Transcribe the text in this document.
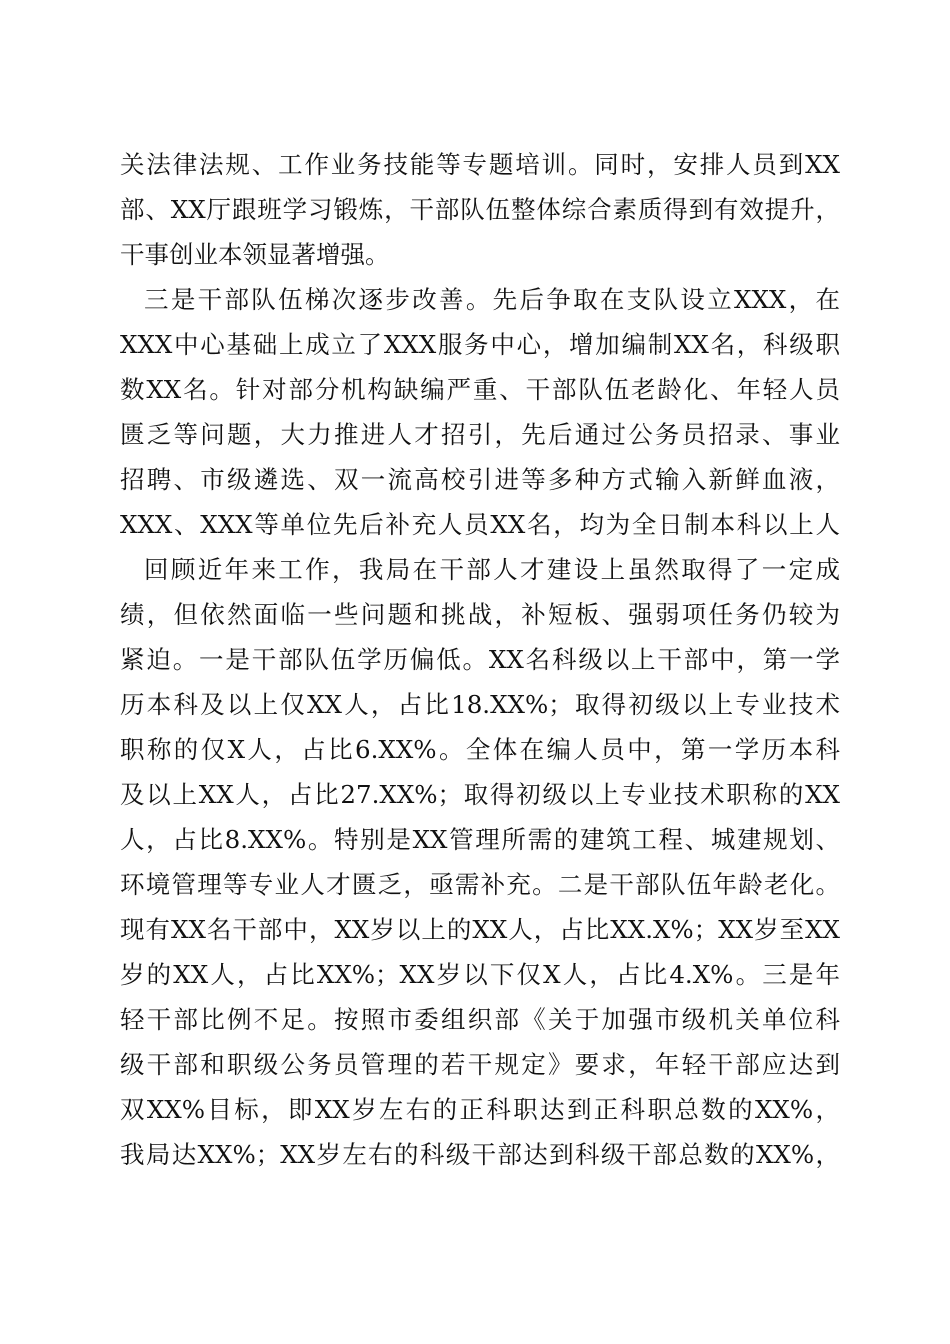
关法律法规、工作业务技能等专题培训。同时，安排人员到XX
部、XX厅跟班学习锻炼，干部队伍整体综合素质得到有效提升，
干事创业本领显著增强。
三是干部队伍梯次逐步改善。先后争取在支队设立XXX，在
XXX中心基础上成立了XXX服务中心，增加编制XX名，科级职
数XX名。针对部分机构缺编严重、干部队伍老龄化、年轻人员
匮乏等问题，大力推进人才招引，先后通过公务员招录、事业
招聘、市级遴选、双一流高校引进等多种方式输入新鲜血液，
XXX、XXX等单位先后补充人员XX名，均为全日制本科以上人
回顾近年来工作，我局在干部人才建设上虽然取得了一定成
绩，但依然面临一些问题和挑战，补短板、强弱项任务仍较为
紧迫。一是干部队伍学历偏低。XX名科级以上干部中，第一学
历本科及以上仅XX人，占比18.XX%；取得初级以上专业技术
职称的仅X人，占比6.XX%。全体在编人员中，第一学历本科
及以上XX人，占比27.XX%；取得初级以上专业技术职称的XX
人，占比8.XX%。特别是XX管理所需的建筑工程、城建规划、
环境管理等专业人才匮乏，亟需补充。二是干部队伍年龄老化。
现有XX名干部中，XX岁以上的XX人，占比XX.X%；XX岁至XX
岁的XX人，占比XX%；XX岁以下仅X人，占比4.X%。三是年
轻干部比例不足。按照市委组织部《关于加强市级机关单位科
级干部和职级公务员管理的若干规定》要求，年轻干部应达到
双XX%目标，即XX岁左右的正科职达到正科职总数的XX%，
我局达XX%；XX岁左右的科级干部达到科级干部总数的XX%，
